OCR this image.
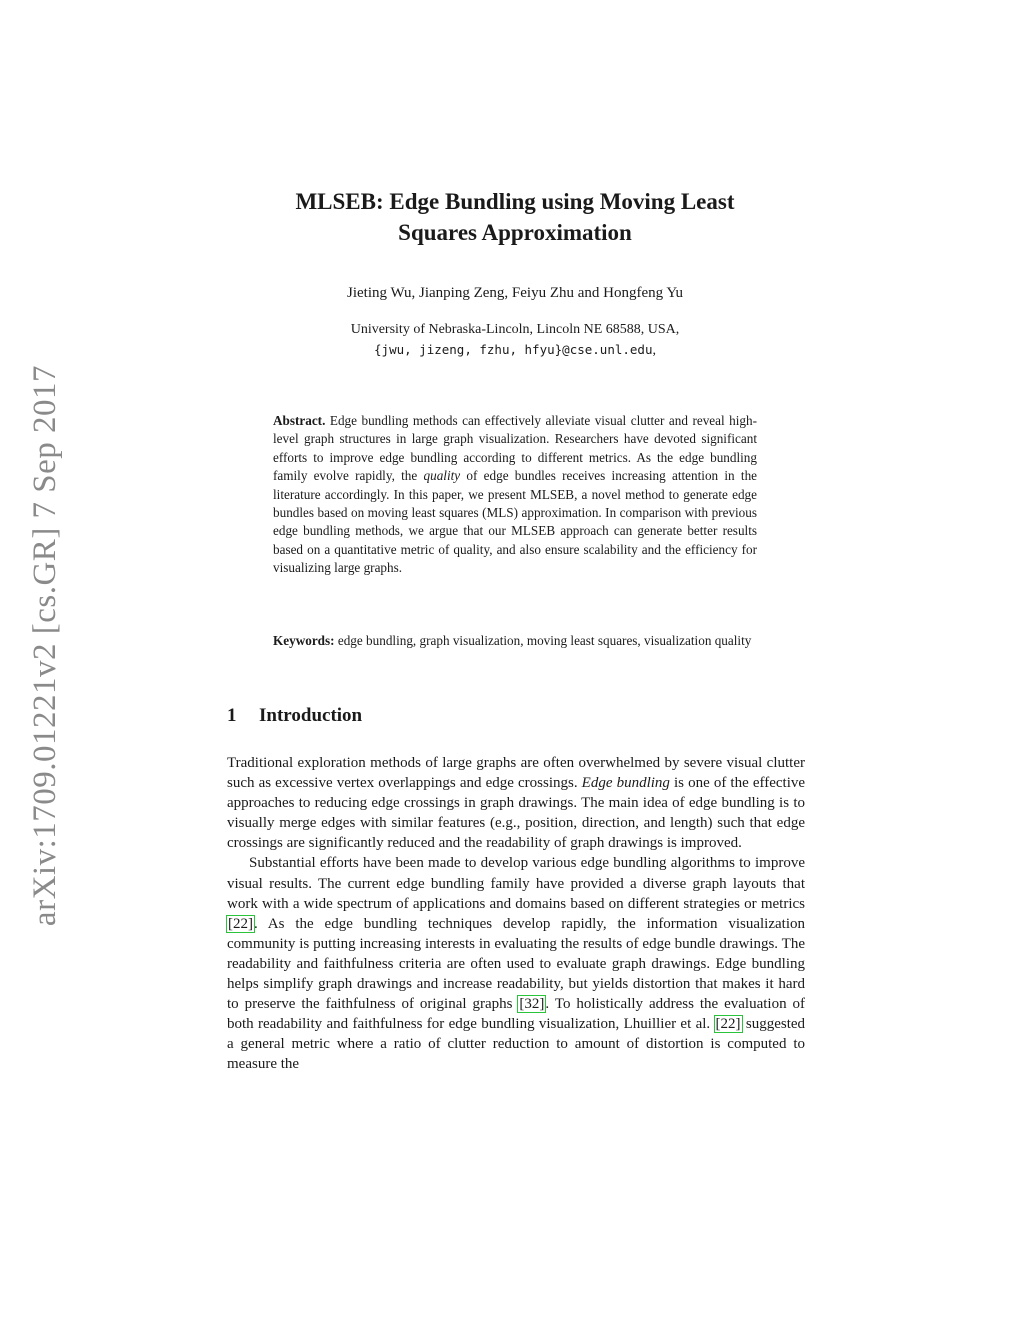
arXiv:1709.01221v2 [cs.GR] 7 Sep 2017
MLSEB: Edge Bundling using Moving Least
Squares Approximation
Jieting Wu, Jianping Zeng, Feiyu Zhu and Hongfeng Yu
University of Nebraska-Lincoln, Lincoln NE 68588, USA,
{jwu, jizeng, fzhu, hfyu}@cse.unl.edu,
Abstract. Edge bundling methods can effectively alleviate visual clutter and reveal high-level graph structures in large graph visualization. Researchers have devoted significant efforts to improve edge bundling according to different metrics. As the edge bundling family evolve rapidly, the quality of edge bundles receives increasing attention in the literature accordingly. In this paper, we present MLSEB, a novel method to generate edge bundles based on moving least squares (MLS) approximation. In comparison with previous edge bundling methods, we argue that our MLSEB approach can generate better results based on a quantitative metric of quality, and also ensure scalability and the efficiency for visualizing large graphs.
Keywords: edge bundling, graph visualization, moving least squares, visualization quality
1 Introduction

Traditional exploration methods of large graphs are often overwhelmed by severe visual clutter such as excessive vertex overlappings and edge crossings. Edge bundling is one of the effective approaches to reducing edge crossings in graph drawings. The main idea of edge bundling is to visually merge edges with similar features (e.g., position, direction, and length) such that edge crossings are significantly reduced and the readability of graph drawings is improved.

Substantial efforts have been made to develop various edge bundling algorithms to improve visual results. The current edge bundling family have provided a diverse graph layouts that work with a wide spectrum of applications and domains based on different strategies or metrics [22]. As the edge bundling techniques develop rapidly, the information visualization community is putting increasing interests in evaluating the results of edge bundle drawings. The readability and faithfulness criteria are often used to evaluate graph drawings. Edge bundling helps simplify graph drawings and increase readability, but yields distortion that makes it hard to preserve the faithfulness of original graphs [32]. To holistically address the evaluation of both readability and faithfulness for edge bundling visualization, Lhuillier et al. [22] suggested a general metric where a ratio of clutter reduction to amount of distortion is computed to measure the
